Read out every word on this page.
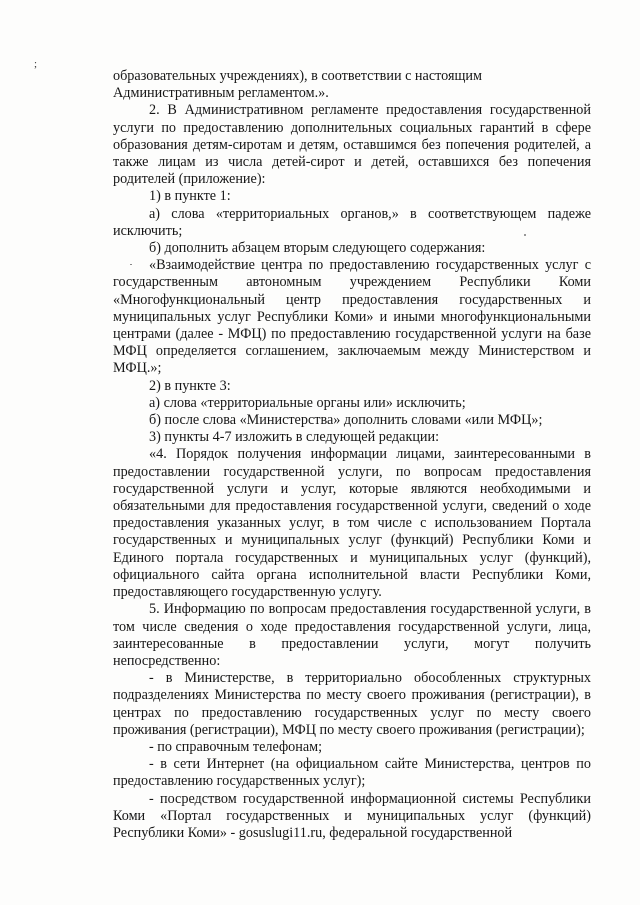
;

образовательных учреждениях), в соответствии с настоящим Административным регламентом.».

2. В Административном регламенте предоставления государственной услуги по предоставлению дополнительных социальных гарантий в сфере образования детям-сиротам и детям, оставшимся без попечения родителей, а также лицам из числа детей-сирот и детей, оставшихся без попечения родителей (приложение):

1) в пункте 1:

а) слова «территориальных органов,» в соответствующем падеже исключить;

б) дополнить абзацем вторым следующего содержания:

«Взаимодействие центра по предоставлению государственных услуг с государственным автономным учреждением Республики Коми «Многофункциональный центр предоставления государственных и муниципальных услуг Республики Коми» и иными многофункциональными центрами (далее - МФЦ) по предоставлению государственной услуги на базе МФЦ определяется соглашением, заключаемым между Министерством и МФЦ.»;

2) в пункте 3:

а) слова «территориальные органы или» исключить;

б) после слова «Министерства» дополнить словами «или МФЦ»;

3) пункты 4-7 изложить в следующей редакции:

«4. Порядок получения информации лицами, заинтересованными в предоставлении государственной услуги, по вопросам предоставления государственной услуги и услуг, которые являются необходимыми и обязательными для предоставления государственной услуги, сведений о ходе предоставления указанных услуг, в том числе с использованием Портала государственных и муниципальных услуг (функций) Республики Коми и Единого портала государственных и муниципальных услуг (функций), официального сайта органа исполнительной власти Республики Коми, предоставляющего государственную услугу.

5. Информацию по вопросам предоставления государственной услуги, в том числе сведения о ходе предоставления государственной услуги, лица, заинтересованные в предоставлении услуги, могут получить непосредственно:

- в Министерстве, в территориально обособленных структурных подразделениях Министерства по месту своего проживания (регистрации), в центрах по предоставлению государственных услуг по месту своего проживания (регистрации), МФЦ по месту своего проживания (регистрации);

- по справочным телефонам;

- в сети Интернет (на официальном сайте Министерства, центров по предоставлению государственных услуг);

- посредством государственной информационной системы Республики Коми «Портал государственных и муниципальных услуг (функций) Республики Коми» - gosuslugi11.ru, федеральной государственной
